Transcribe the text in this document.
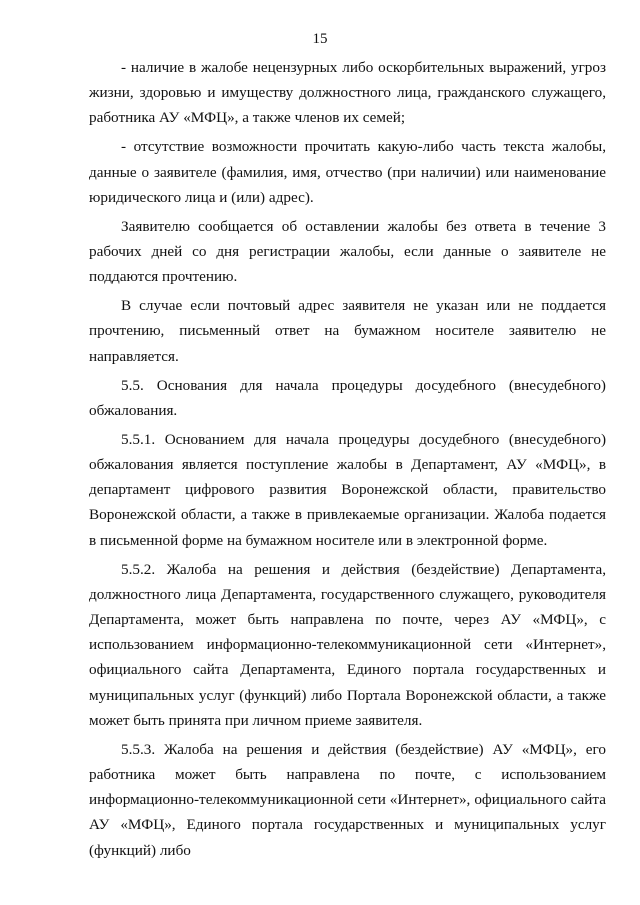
15

- наличие в жалобе нецензурных либо оскорбительных выражений, угроз жизни, здоровью и имуществу должностного лица, гражданского служащего, работника АУ «МФЦ», а также членов их семей;

- отсутствие возможности прочитать какую-либо часть текста жалобы, данные о заявителе (фамилия, имя, отчество (при наличии) или наименование юридического лица и (или) адрес).

Заявителю сообщается об оставлении жалобы без ответа в течение 3 рабочих дней со дня регистрации жалобы, если данные о заявителе не поддаются прочтению.

В случае если почтовый адрес заявителя не указан или не поддается прочтению, письменный ответ на бумажном носителе заявителю не направляется.

5.5. Основания для начала процедуры досудебного (внесудебного) обжалования.

5.5.1. Основанием для начала процедуры досудебного (внесудебного) обжалования является поступление жалобы в Департамент, АУ «МФЦ», в департамент цифрового развития Воронежской области, правительство Воронежской области, а также в привлекаемые организации. Жалоба подается в письменной форме на бумажном носителе или в электронной форме.

5.5.2. Жалоба на решения и действия (бездействие) Департамента, должностного лица Департамента, государственного служащего, руководителя Департамента, может быть направлена по почте, через АУ «МФЦ», с использованием информационно-телекоммуникационной сети «Интернет», официального сайта Департамента, Единого портала государственных и муниципальных услуг (функций) либо Портала Воронежской области, а также может быть принята при личном приеме заявителя.

5.5.3. Жалоба на решения и действия (бездействие) АУ «МФЦ», его работника может быть направлена по почте, с использованием информационно-телекоммуникационной сети «Интернет», официального сайта АУ «МФЦ», Единого портала государственных и муниципальных услуг (функций) либо
